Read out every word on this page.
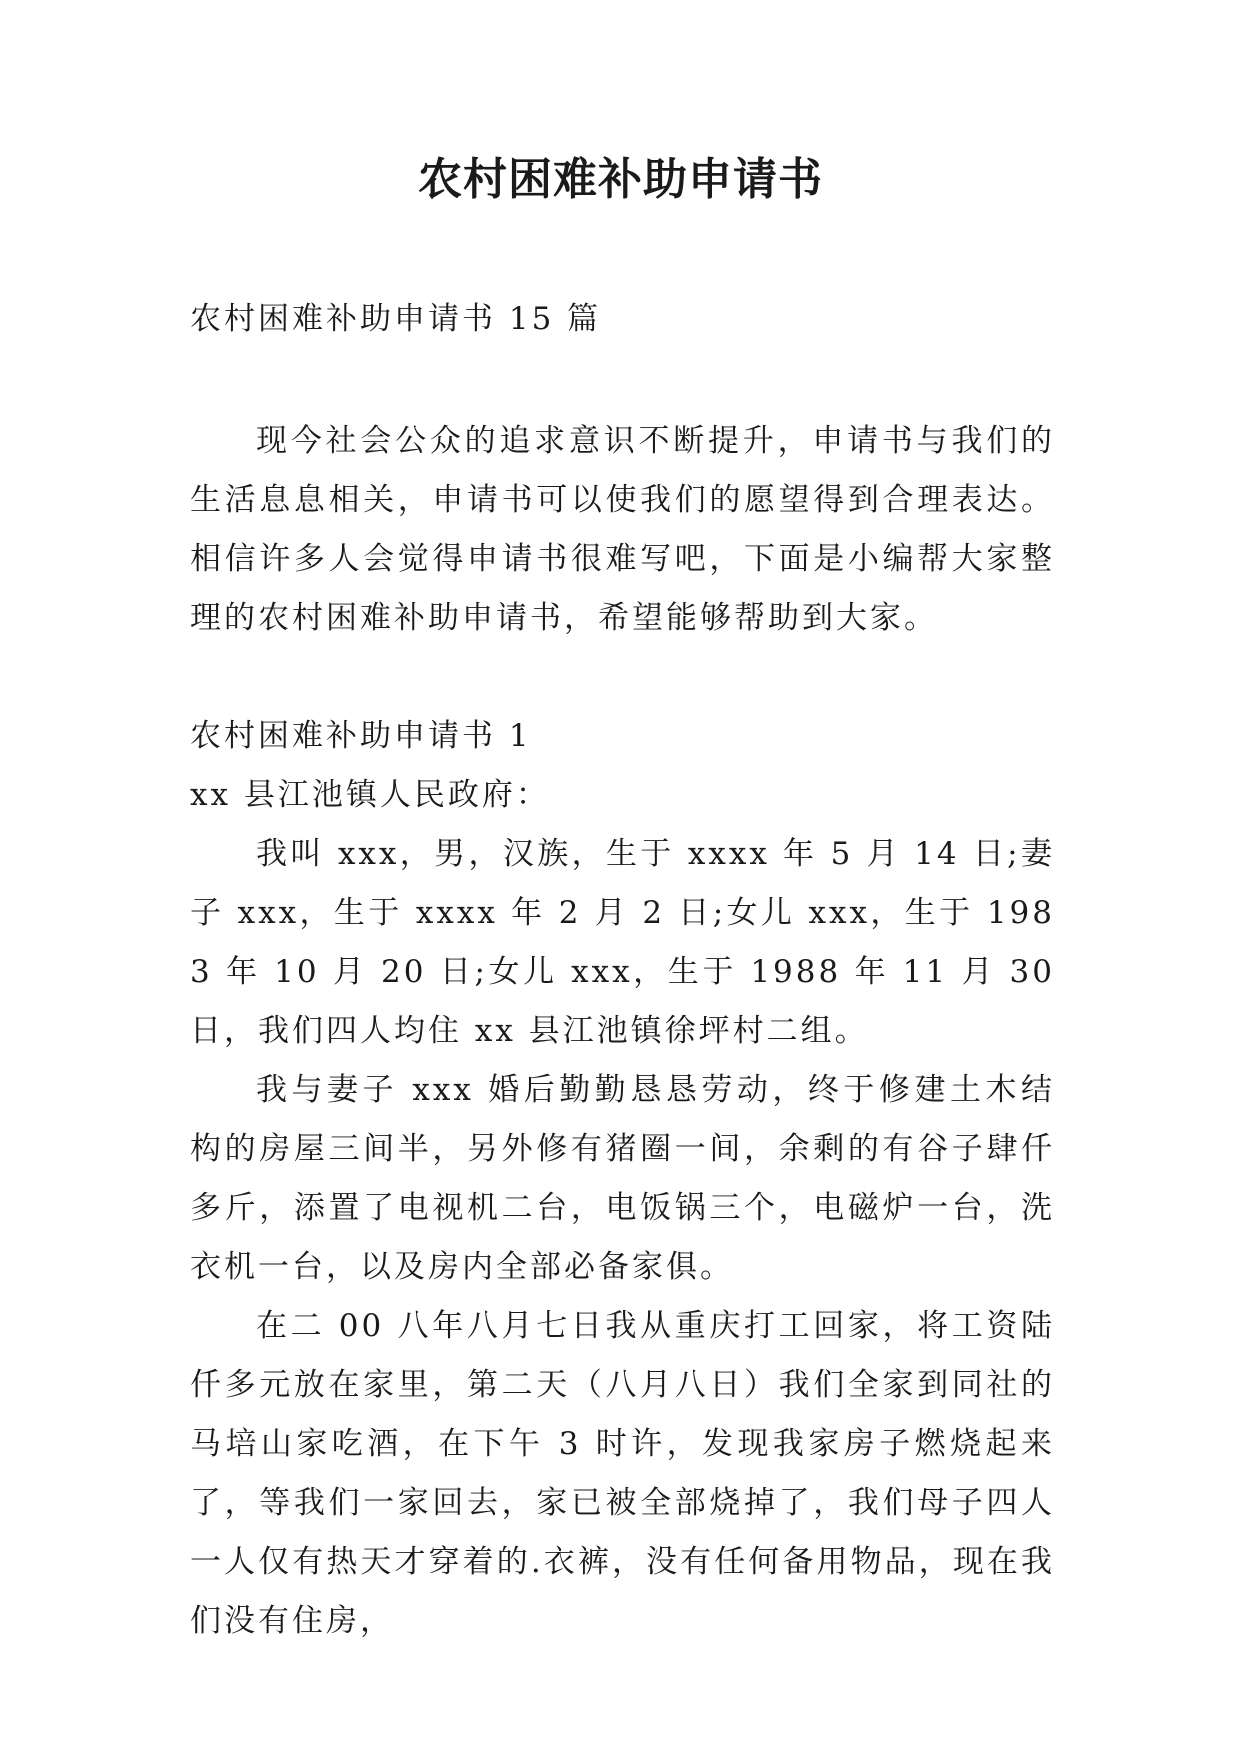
农村困难补助申请书

农村困难补助申请书 15 篇

现今社会公众的追求意识不断提升，申请书与我们的生活息息相关，申请书可以使我们的愿望得到合理表达。相信许多人会觉得申请书很难写吧，下面是小编帮大家整理的农村困难补助申请书，希望能够帮助到大家。

农村困难补助申请书 1

xx 县江池镇人民政府：

我叫 xxx，男，汉族，生于 xxxx 年 5 月 14 日;妻子 xxx，生于 xxxx 年 2 月 2 日;女儿 xxx，生于 1983 年 10 月 20 日;女儿 xxx，生于 1988 年 11 月 30 日，我们四人均住 xx 县江池镇徐坪村二组。

我与妻子 xxx 婚后勤勤恳恳劳动，终于修建土木结构的房屋三间半，另外修有猪圈一间，余剩的有谷子肆仟多斤，添置了电视机二台，电饭锅三个，电磁炉一台，洗衣机一台，以及房内全部必备家俱。

在二 00 八年八月七日我从重庆打工回家，将工资陆仟多元放在家里，第二天（八月八日）我们全家到同社的马培山家吃酒，在下午 3 时许，发现我家房子燃烧起来了，等我们一家回去，家已被全部烧掉了，我们母子四人一人仅有热天才穿着的.衣裤，没有任何备用物品，现在我们没有住房，
